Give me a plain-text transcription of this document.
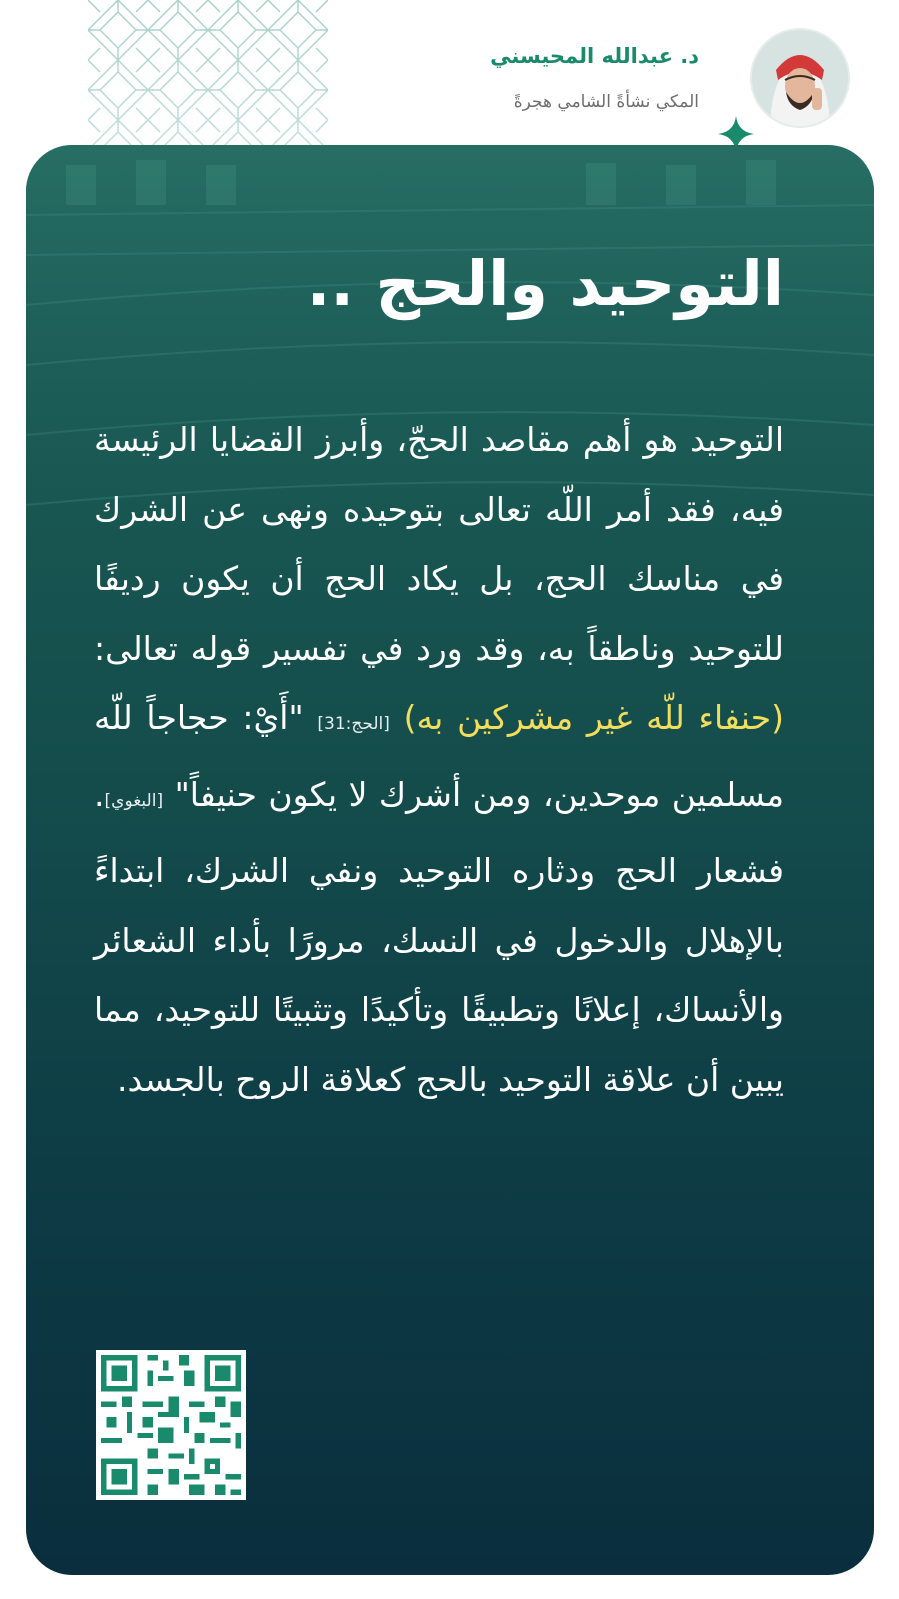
د. عبدالله المحيسني
المكي نشأةً الشامي هجرةً
التوحيد والحج ..

التوحيد هو أهم مقاصد الحجّ، وأبرز القضايا الرئيسة فيه، فقد أمر اللّه تعالى بتوحيده ونهى عن الشرك في مناسك الحج، بل يكاد الحج أن يكون رديفًا للتوحيد وناطقاً به، وقد ورد في تفسير قوله تعالى:(حنفاء للّه غير مشركين به) [الحج:31] "أَيْ: حجاجاً للّه مسلمين موحدين، ومن أشرك لا يكون حنيفاً" [البغوي]. فشعار الحج ودثاره التوحيد ونفي الشرك، ابتداءً بالإهلال والدخول في النسك، مرورًا بأداء الشعائر والأنساك، إعلانًا وتطبيقًا وتأكيدًا وتثبيتًا للتوحيد، مما يبين أن علاقة التوحيد بالحج كعلاقة الروح بالجسد.
